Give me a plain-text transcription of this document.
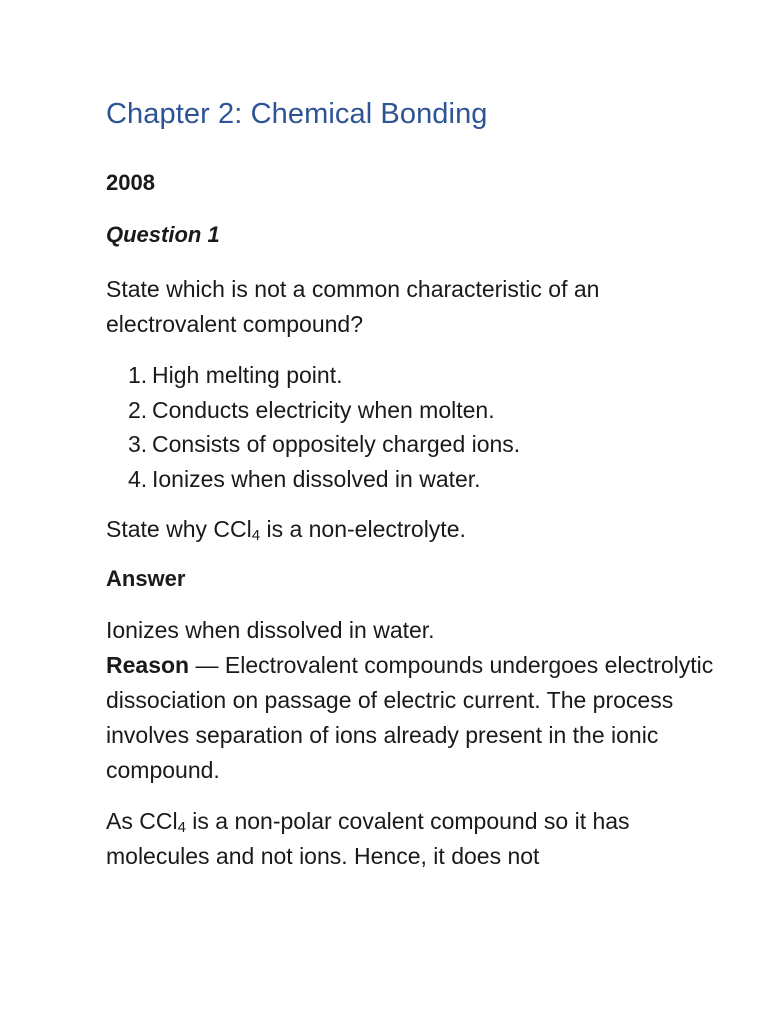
Chapter 2: Chemical Bonding
2008
Question 1

State which is not a common characteristic of an electrovalent compound?

1. High melting point.
2. Conducts electricity when molten.
3. Consists of oppositely charged ions.
4. Ionizes when dissolved in water.

State why CCl$_4$ is a non-electrolyte.

Answer

Ionizes when dissolved in water.
Reason — Electrovalent compounds undergoes electrolytic dissociation on passage of electric current. The process involves separation of ions already present in the ionic compound.

As CCl$_4$ is a non-polar covalent compound so it has molecules and not ions. Hence, it does not
